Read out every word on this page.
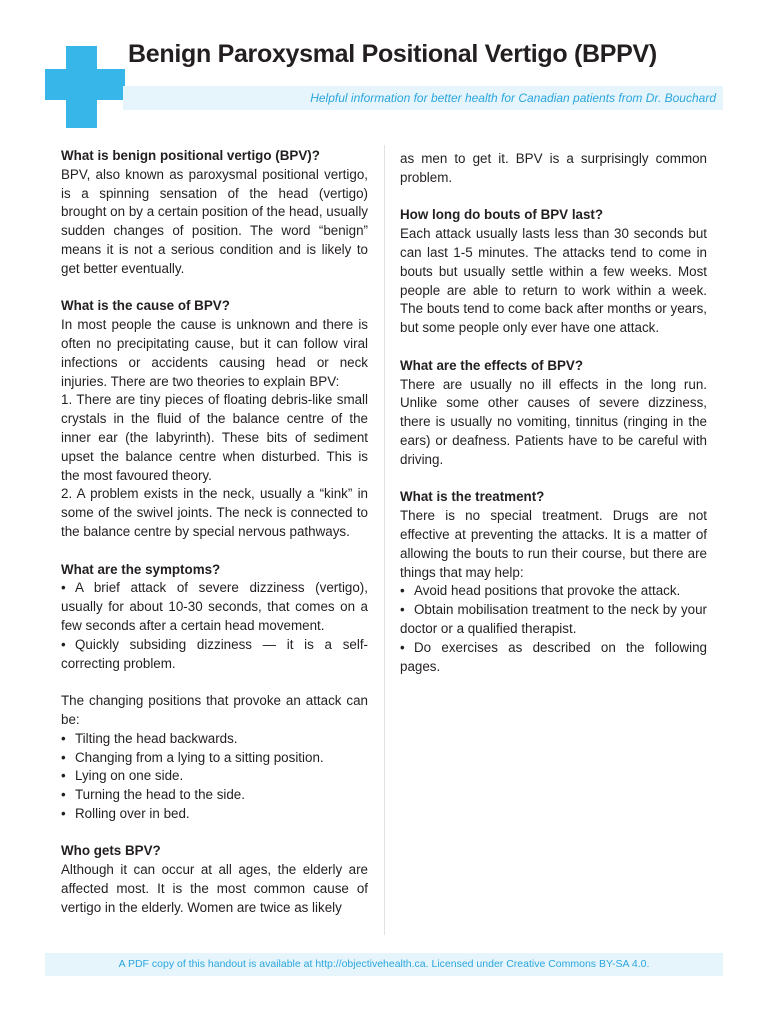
Benign Paroxysmal Positional Vertigo (BPPV)
Helpful information for better health for Canadian patients from Dr. Bouchard

What is benign positional vertigo (BPV)?

BPV, also known as paroxysmal positional vertigo, is a spinning sensation of the head (vertigo) brought on by a certain position of the head, usually sudden changes of position. The word “benign” means it is not a serious condition and is likely to get better eventually.

What is the cause of BPV?

In most people the cause is unknown and there is often no precipitating cause, but it can follow viral infections or accidents causing head or neck injuries. There are two theories to explain BPV:

1. There are tiny pieces of floating debris-like small crystals in the fluid of the balance centre of the inner ear (the labyrinth). These bits of sediment upset the balance centre when disturbed. This is the most favoured theory.

2. A problem exists in the neck, usually a “kink” in some of the swivel joints. The neck is connected to the balance centre by special nervous pathways.

What are the symptoms?

• A brief attack of severe dizziness (vertigo), usually for about 10-30 seconds, that comes on a few seconds after a certain head movement.

• Quickly subsiding dizziness — it is a self-correcting problem.

The changing positions that provoke an attack can be:

• Tilting the head backwards.
• Changing from a lying to a sitting position.
• Lying on one side.
• Turning the head to the side.
• Rolling over in bed.

Who gets BPV?

Although it can occur at all ages, the elderly are affected most. It is the most common cause of vertigo in the elderly. Women are twice as likely

as men to get it. BPV is a surprisingly common problem.

How long do bouts of BPV last?

Each attack usually lasts less than 30 seconds but can last 1-5 minutes. The attacks tend to come in bouts but usually settle within a few weeks. Most people are able to return to work within a week. The bouts tend to come back after months or years, but some people only ever have one attack.

What are the effects of BPV?

There are usually no ill effects in the long run. Unlike some other causes of severe dizziness, there is usually no vomiting, tinnitus (ringing in the ears) or deafness. Patients have to be careful with driving.

What is the treatment?

There is no special treatment. Drugs are not effective at preventing the attacks. It is a matter of allowing the bouts to run their course, but there are things that may help:

• Avoid head positions that provoke the attack.

• Obtain mobilisation treatment to the neck by your doctor or a qualified therapist.

• Do exercises as described on the following pages.

A PDF copy of this handout is available at http://objectivehealth.ca. Licensed under Creative Commons BY-SA 4.0.
